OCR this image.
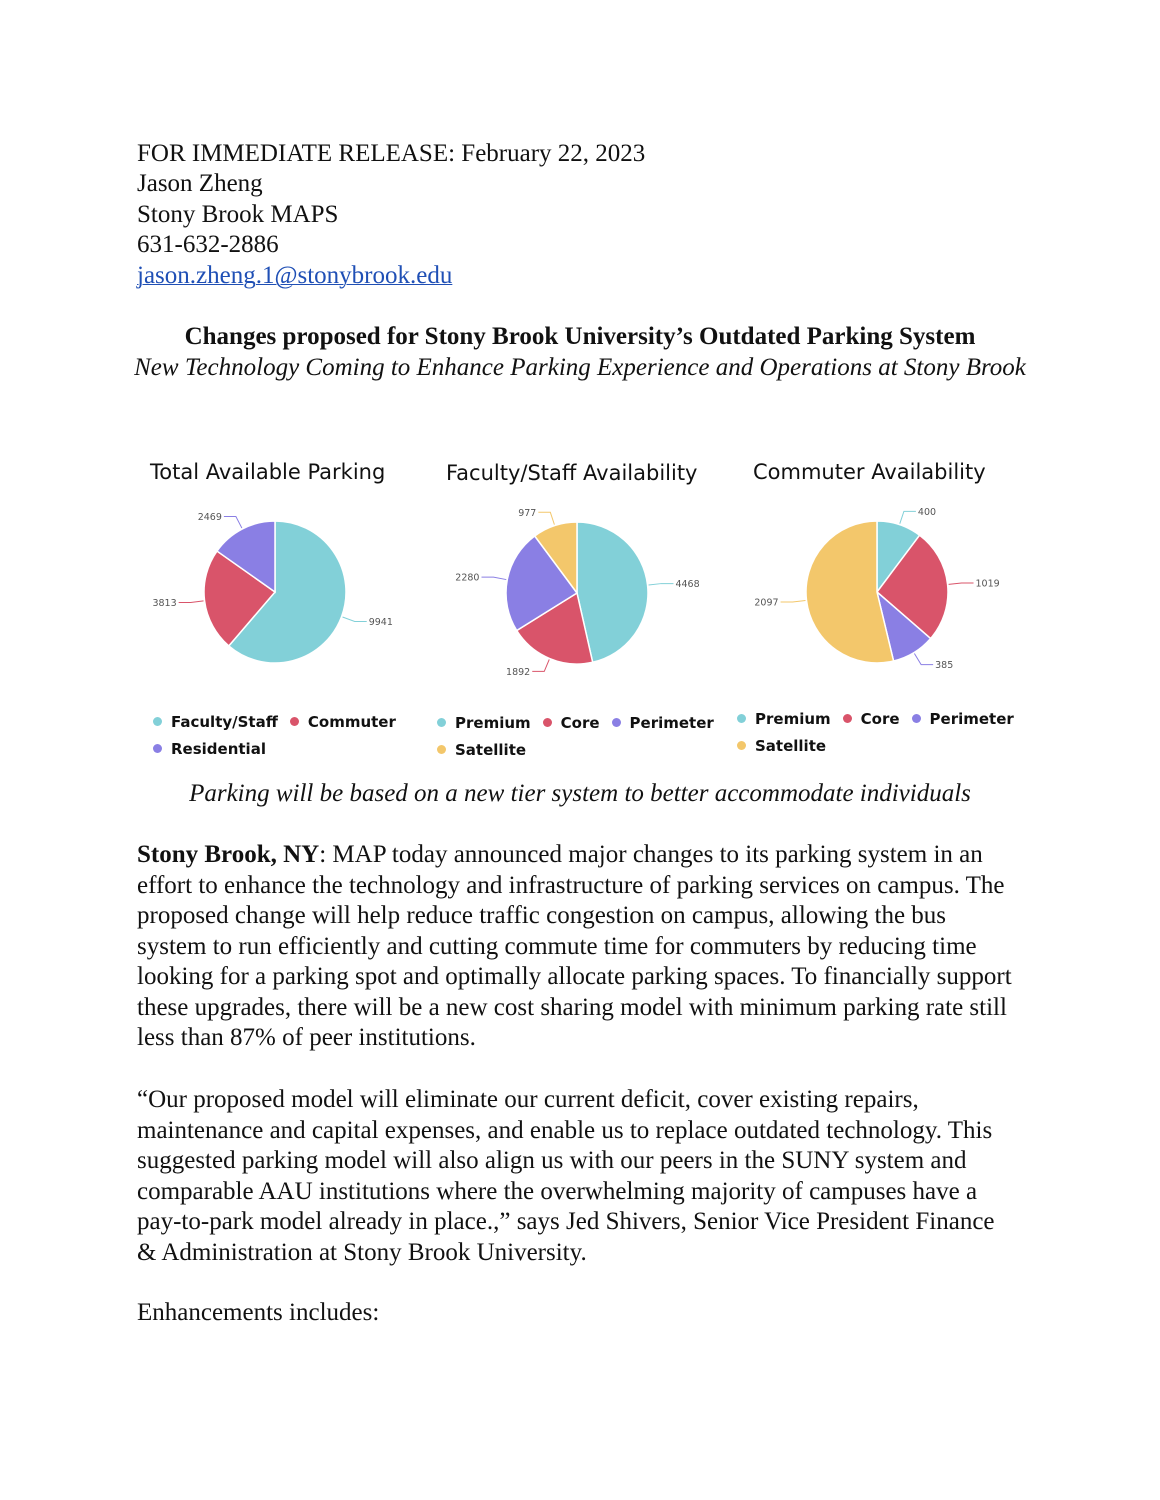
FOR IMMEDIATE RELEASE: February 22, 2023
Jason Zheng
Stony Brook MAPS
631-632-2886
jason.zheng.1@stonybrook.edu
Changes proposed for Stony Brook University’s Outdated Parking System
New Technology Coming to Enhance Parking Experience and Operations at Stony Brook
Total Available Parking	Faculty/Staff Availability	Commuter Availability
9941
3813
2469
4468
1892
2280
977	400
1019
385
2097
Faculty/Staff Commuter
Residential
Premium Core Perimeter
Satellite
Premium Core Perimeter
Satellite
Parking will be based on a new tier system to better accommodate individuals
Stony Brook, NY: MAP today announced major changes to its parking system in an effort to enhance the technology and infrastructure of parking services on campus. The proposed change will help reduce traffic congestion on campus, allowing the bus system to run efficiently and cutting commute time for commuters by reducing time looking for a parking spot and optimally allocate parking spaces. To financially support these upgrades, there will be a new cost sharing model with minimum parking rate still less than 87% of peer institutions.
“Our proposed model will eliminate our current deficit, cover existing repairs, maintenance and capital expenses, and enable us to replace outdated technology. This suggested parking model will also align us with our peers in the SUNY system and comparable AAU institutions where the overwhelming majority of campuses have a pay-to-park model already in place.,” says Jed Shivers, Senior Vice President Finance & Administration at Stony Brook University.
Enhancements includes:
